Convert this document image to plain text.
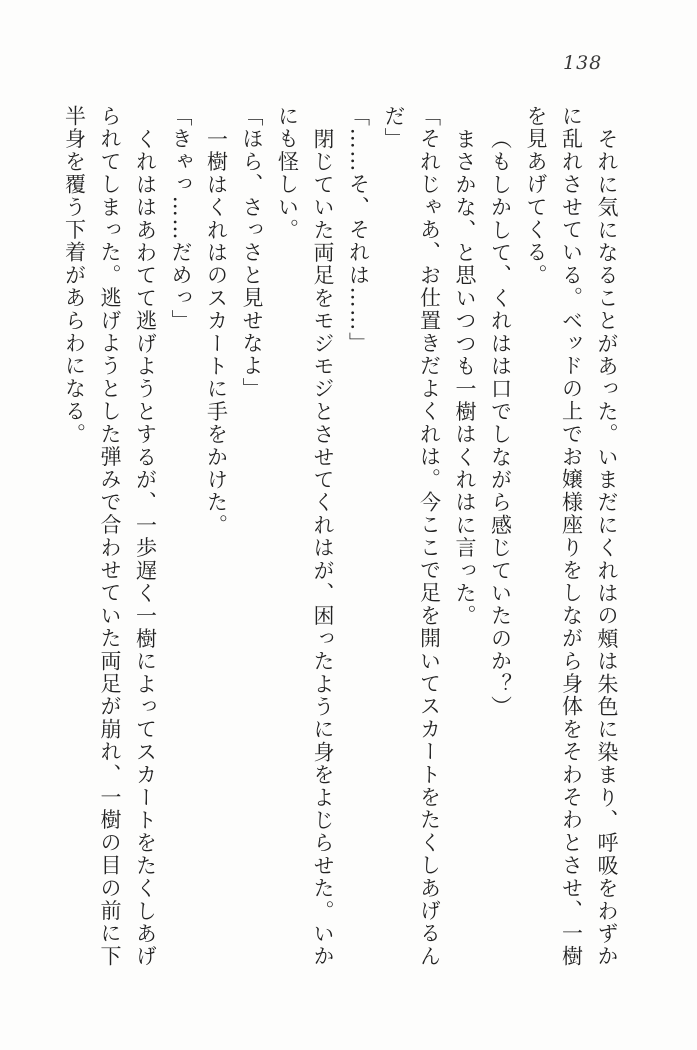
138
それに気になることがあった。いまだにくれはの頰は朱色に染まり、呼吸をわずか
に乱れさせている。ベッドの上でお嬢様座りをしながら身体をそわそわとさせ、一樹
を見あげてくる。
（もしかして、くれはは口でしながら感じていたのか？）
まさかな、と思いつつも一樹はくれはに言った。
「それじゃあ、お仕置きだよくれは。今ここで足を開いてスカートをたくしあげるん
だ」
「……そ、それは……」
閉じていた両足をモジモジとさせてくれはが、困ったように身をよじらせた。いか
にも怪しい。
「ほら、さっさと見せなよ」
一樹はくれはのスカートに手をかけた。
「きゃっ……だめっ」
くれははあわてて逃げようとするが、一歩遅く一樹によってスカートをたくしあげ
られてしまった。逃げようとした弾みで合わせていた両足が崩れ、一樹の目の前に下
半身を覆う下着があらわになる。
